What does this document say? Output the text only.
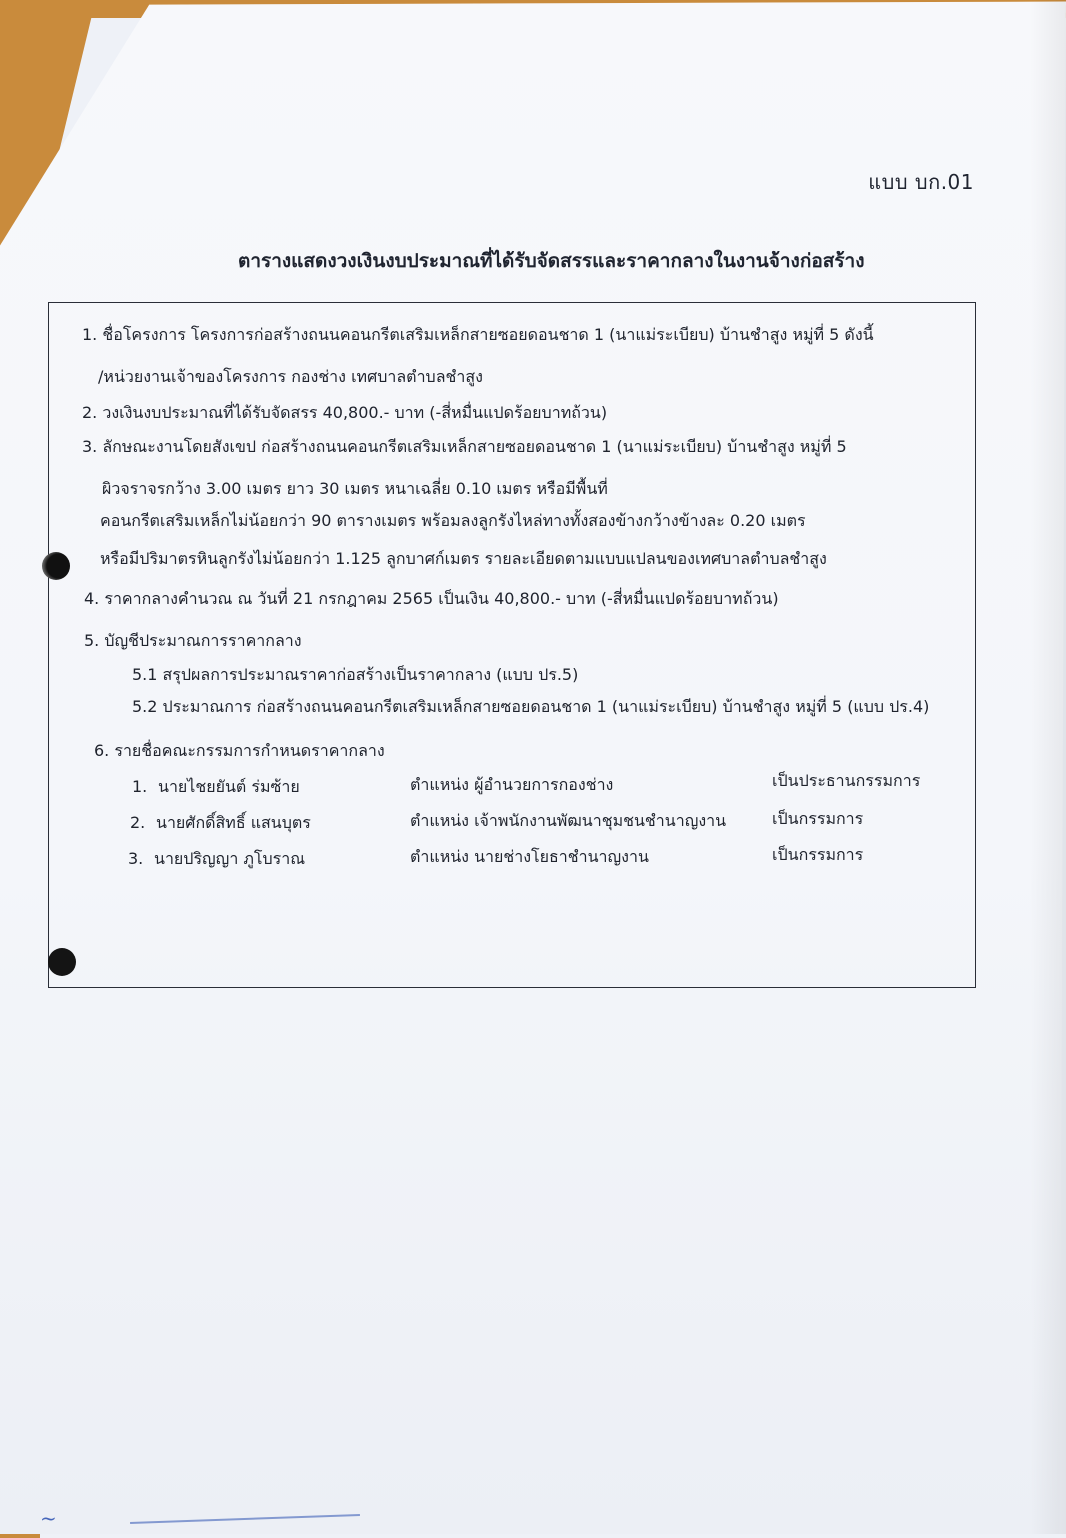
แบบ บก.01
ตารางแสดงวงเงินงบประมาณที่ได้รับจัดสรรและราคากลางในงานจ้างก่อสร้าง
1. ชื่อโครงการ โครงการก่อสร้างถนนคอนกรีตเสริมเหล็กสายซอยดอนชาด 1 (นาแม่ระเบียบ) บ้านชำสูง หมู่ที่ 5 ดังนี้
/หน่วยงานเจ้าของโครงการ กองช่าง เทศบาลตำบลชำสูง
2. วงเงินงบประมาณที่ได้รับจัดสรร 40,800.- บาท (-สี่หมื่นแปดร้อยบาทถ้วน)
3. ลักษณะงานโดยสังเขป ก่อสร้างถนนคอนกรีตเสริมเหล็กสายซอยดอนชาด 1 (นาแม่ระเบียบ) บ้านชำสูง หมู่ที่ 5
ผิวจราจรกว้าง 3.00 เมตร ยาว 30 เมตร หนาเฉลี่ย 0.10 เมตร หรือมีพื้นที่
คอนกรีตเสริมเหล็กไม่น้อยกว่า 90 ตารางเมตร พร้อมลงลูกรังไหล่ทางทั้งสองข้างกว้างข้างละ 0.20 เมตร
หรือมีปริมาตรหินลูกรังไม่น้อยกว่า 1.125 ลูกบาศก์เมตร รายละเอียดตามแบบแปลนของเทศบาลตำบลชำสูง
4. ราคากลางคำนวณ ณ วันที่ 21 กรกฎาคม 2565 เป็นเงิน 40,800.- บาท (-สี่หมื่นแปดร้อยบาทถ้วน)
5. บัญชีประมาณการราคากลาง
5.1 สรุปผลการประมาณราคาก่อสร้างเป็นราคากลาง (แบบ ปร.5)
5.2 ประมาณการ ก่อสร้างถนนคอนกรีตเสริมเหล็กสายซอยดอนชาด 1 (นาแม่ระเบียบ) บ้านชำสูง หมู่ที่ 5 (แบบ ปร.4)
6. รายชื่อคณะกรรมการกำหนดราคากลาง
1. นายไชยยันต์ ร่มซ้าย	ตำแหน่ง ผู้อำนวยการกองช่าง	เป็นประธานกรรมการ
2. นายศักดิ์สิทธิ์ แสนบุตร	ตำแหน่ง เจ้าพนักงานพัฒนาชุมชนชำนาญงาน	เป็นกรรมการ
3. นายปริญญา ภูโบราณ	ตำแหน่ง นายช่างโยธาชำนาญงาน	เป็นกรรมการ
~
